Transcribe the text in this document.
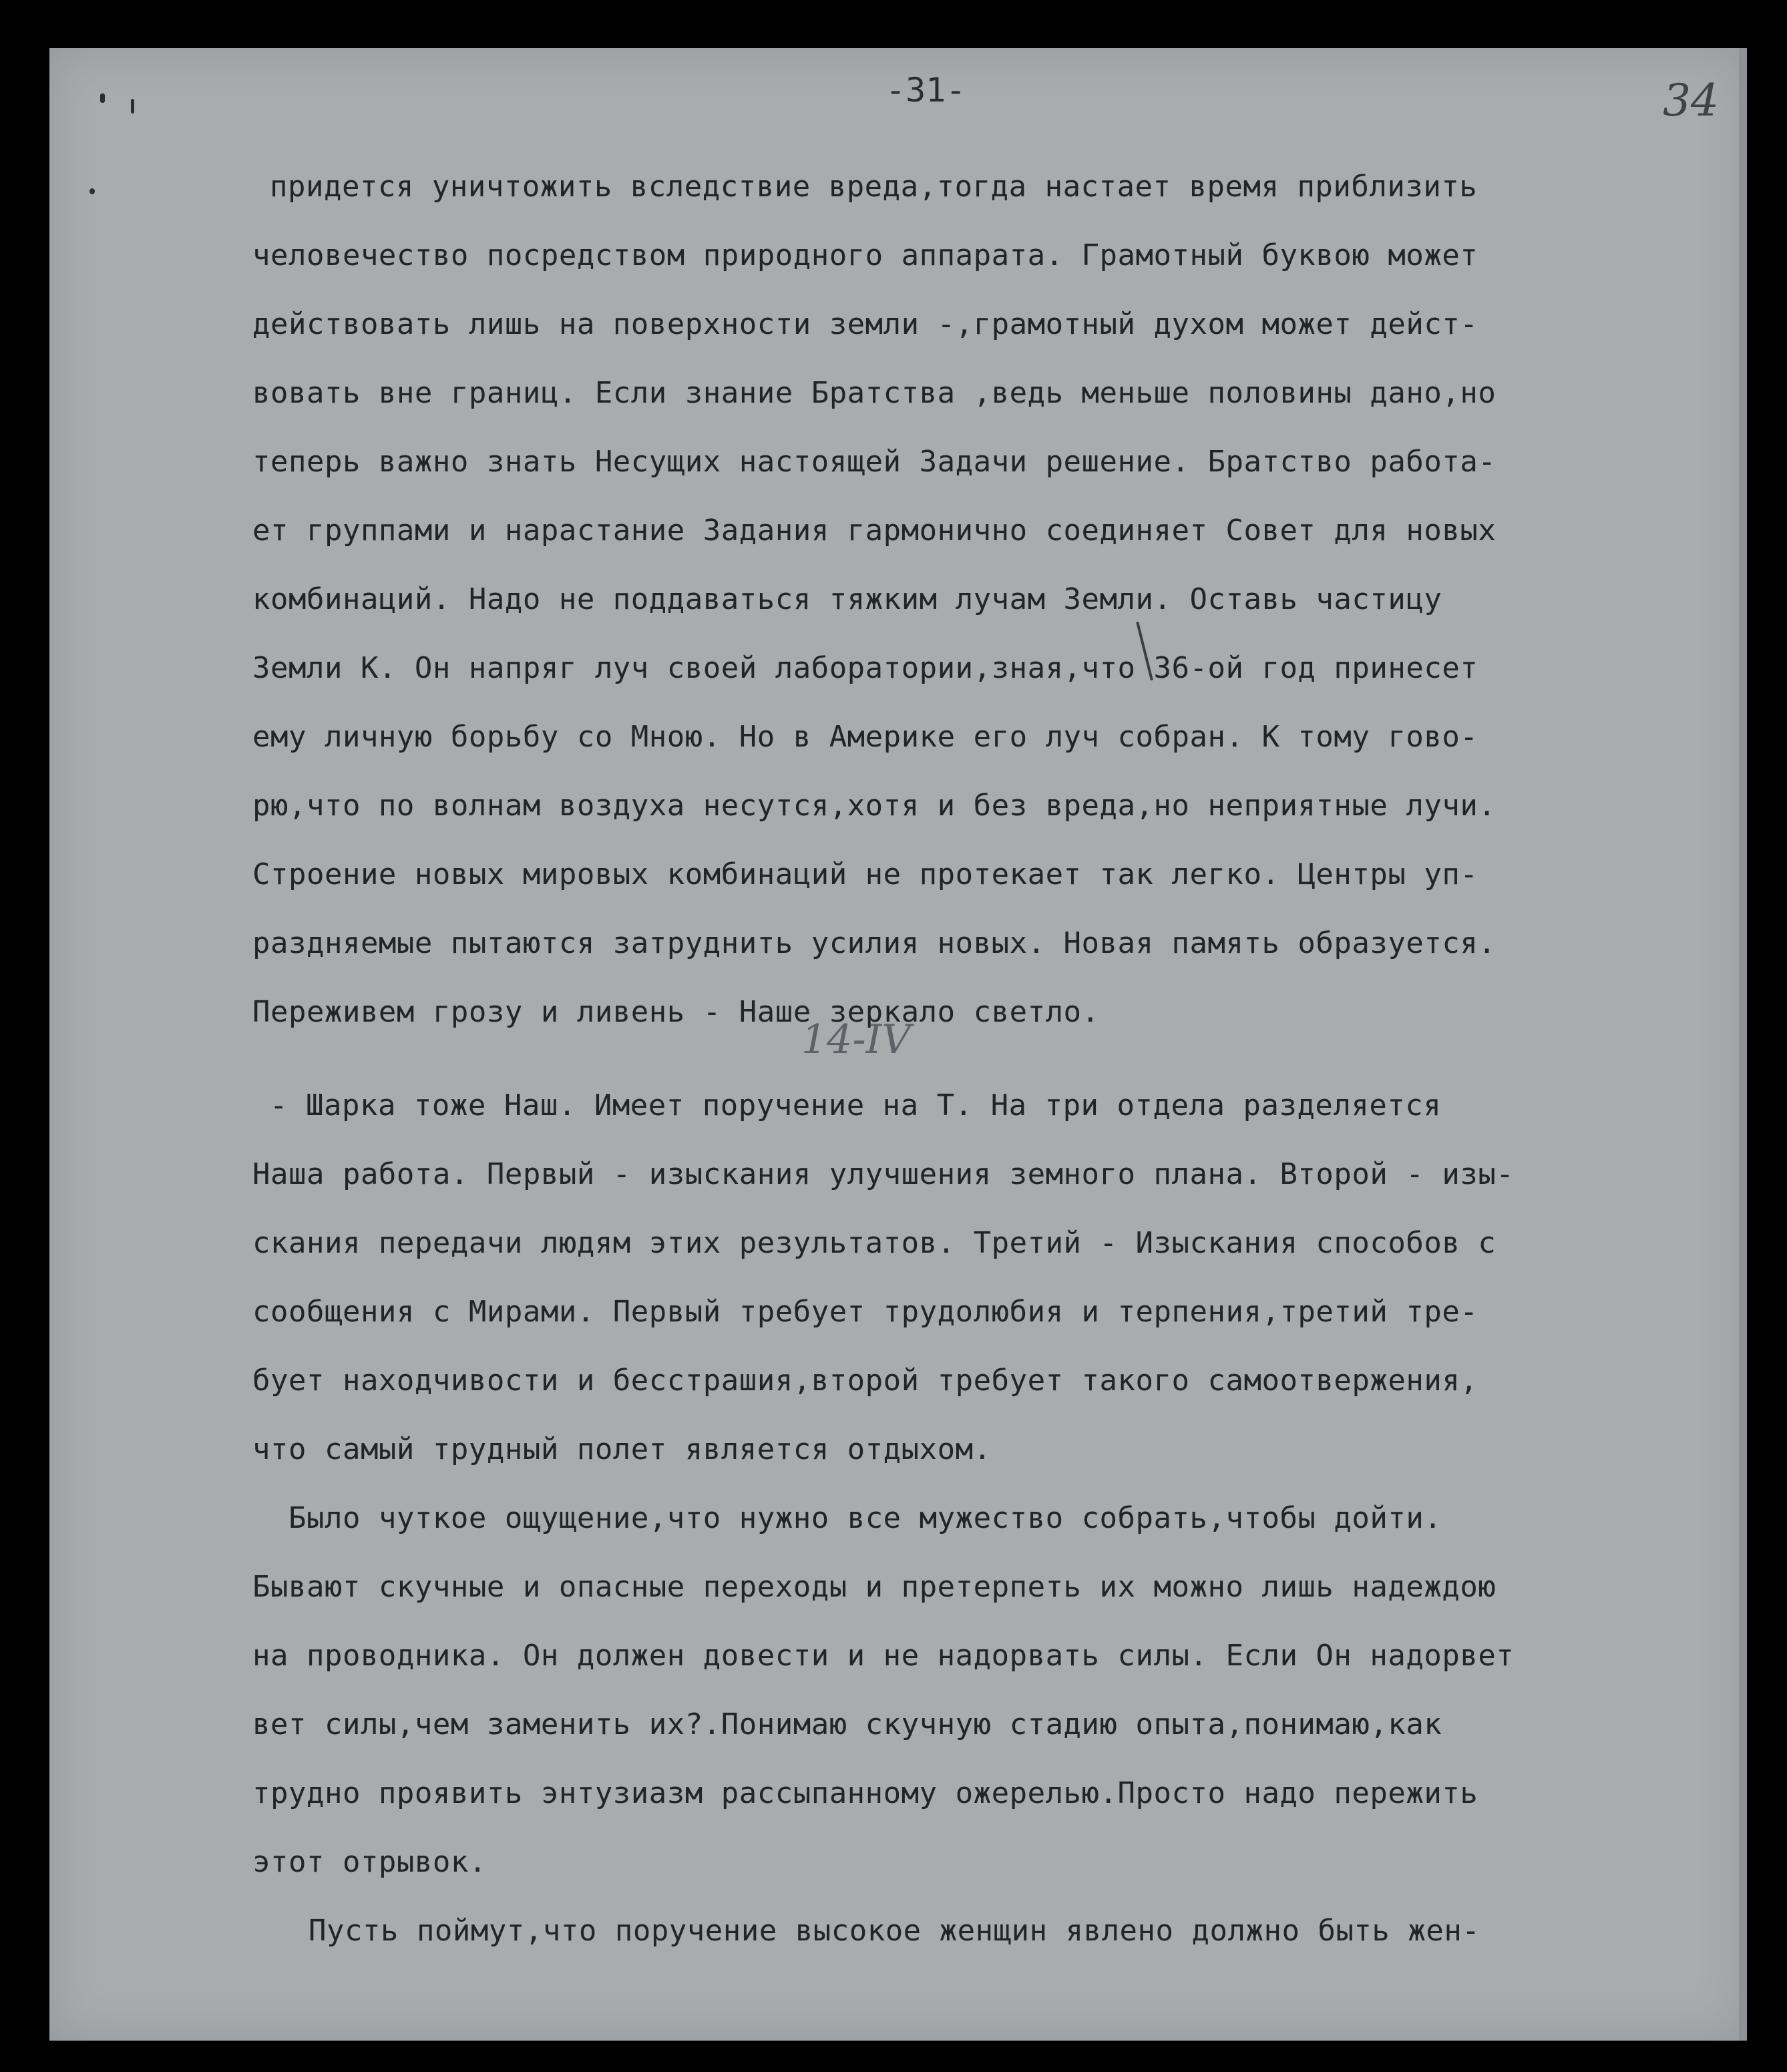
-31-	34

14-IV

придется уничтожить вследствие вреда,тогда настает время приблизить

человечество посредством природного аппарата. Грамотный буквою может

действовать лишь на поверхности земли -,грамотный духом может дейст-

вовать вне границ. Если знание Братства ,ведь меньше половины дано,но

теперь важно знать Несущих настоящей Задачи решение. Братство работа-

ет группами и нарастание Задания гармонично соединяет Совет для новых

комбинаций. Надо не поддаваться тяжким лучам Земли. Оставь частицу

Земли К. Он напряг луч своей лаборатории,зная,что 36-ой год принесет

ему личную борьбу со Мною. Но в Америке его луч собран. К тому гово-

рю,что по волнам воздуха несутся,хотя и без вреда,но неприятные лучи.

Строение новых мировых комбинаций не протекает так легко. Центры уп-

раздняемые пытаются затруднить усилия новых. Новая память образуется.

Переживем грозу и ливень - Наше зеркало светло.

- Шарка тоже Наш. Имеет поручение на Т. На три отдела разделяется

Наша работа. Первый - изыскания улучшения земного плана. Второй - изы-

скания передачи людям этих результатов. Третий - Изыскания способов с

сообщения с Мирами. Первый требует трудолюбия и терпения,третий тре-

бует находчивости и бесстрашия,второй требует такого самоотвержения,

что самый трудный полет является отдыхом.

Было чуткое ощущение,что нужно все мужество собрать,чтобы дойти.

Бывают скучные и опасные переходы и претерпеть их можно лишь надеждою

на проводника. Он должен довести и не надорвать силы. Если Он надорвет

вет силы,чем заменить их?.Понимаю скучную стадию опыта,понимаю,как

трудно проявить энтузиазм рассыпанному ожерелью.Просто надо пережить

этот отрывок.

Пусть поймут,что поручение высокое женщин явлено должно быть жен-
